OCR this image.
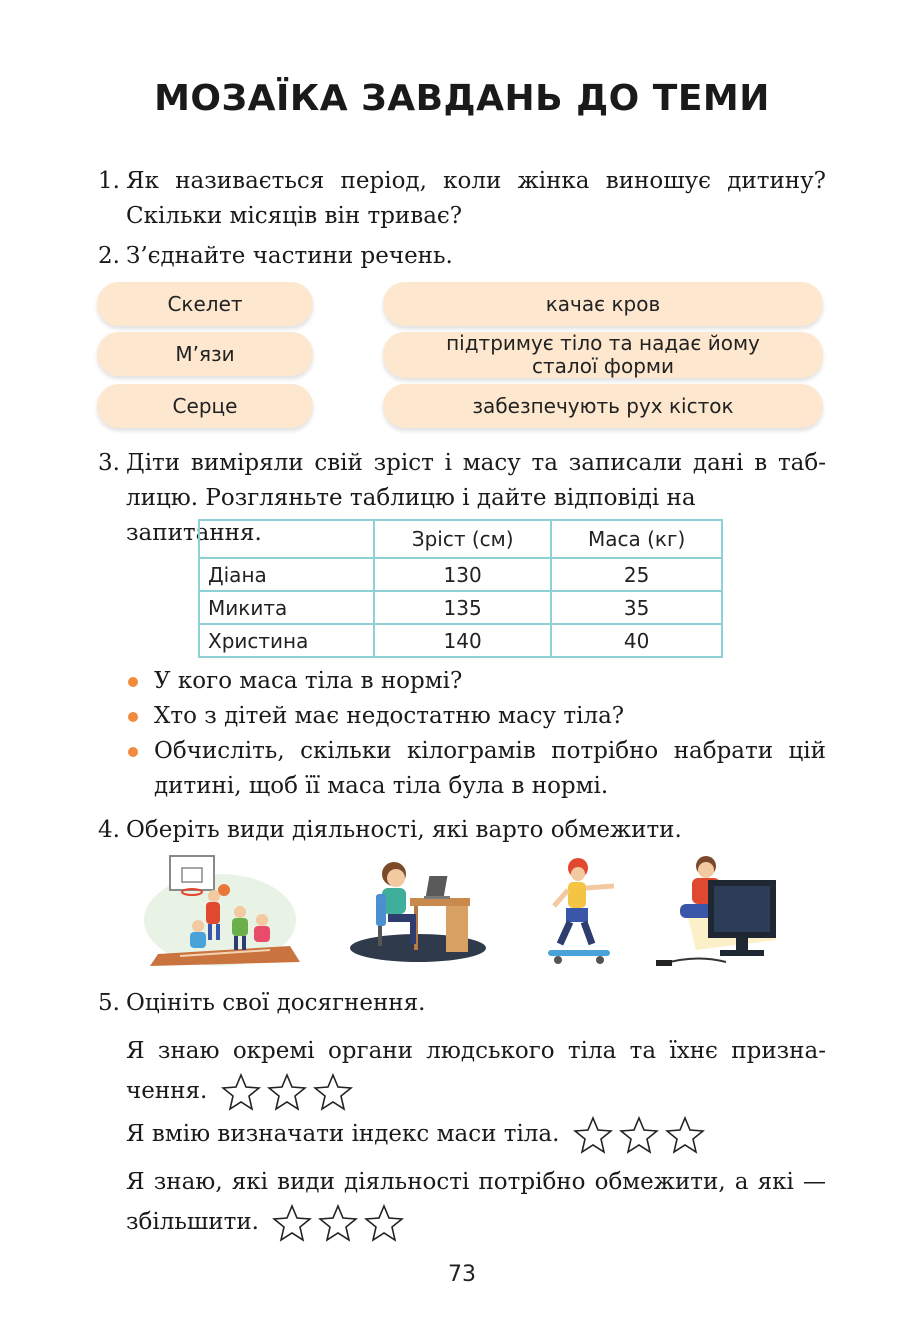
МОЗАЇКА ЗАВДАНЬ ДО ТЕМИ
1. Як називається період, коли жінка виношує дитину?
Скільки місяців він триває?
2. З’єднайте частини речень.
Скелет
М’язи
Серце
качає кров
підтримує тіло та надає йому сталої форми
забезпечують рух кісток
3. Діти виміряли свій зріст і масу та записали дані в таб-
лицю. Розгляньте таблицю і дайте відповіді на запитання.
		Зріст (см)	Маса (кг)
Діана	130	25
Микита	135	35
Христина	140	40
У кого маса тіла в нормі?
Хто з дітей має недостатню масу тіла?
Обчисліть, скільки кілограмів потрібно набрати цій
дитині, щоб її маса тіла була в нормі.
4. Оберіть види діяльності, які варто обмежити.
5. Оцініть свої досягнення.
Я знаю окремі органи людського тіла та їхнє призна-
чення.
Я вмію визначати індекс маси тіла.
Я знаю, які види діяльності потрібно обмежити, а які —
збільшити.
73
